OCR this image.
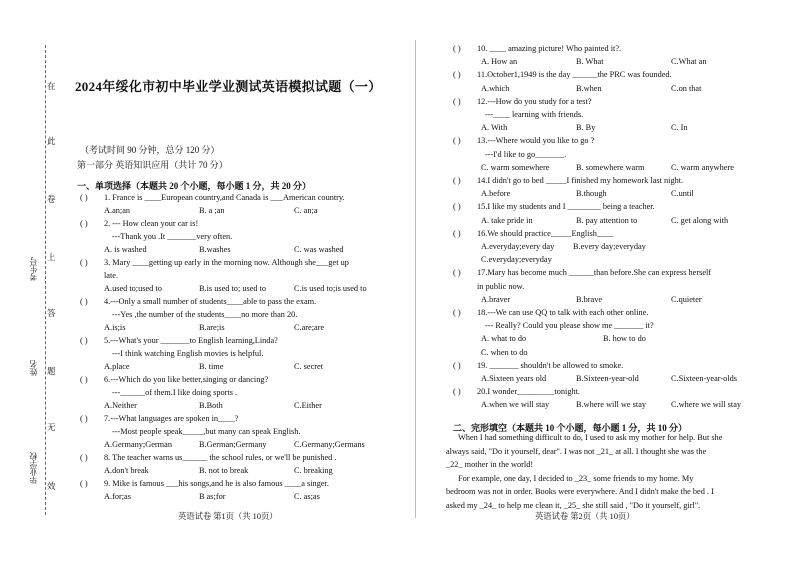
在
此
卷
上
答
题
无
效
考生号
姓名
毕业学校
2024年绥化市初中毕业学业测试英语模拟试题（一）
（考试时间 90 分钟，总分 120 分）
第一部分 英语知识应用（共计 70 分）
一、单项选择（本题共 20 个小题，每小题 1 分，共 20 分）
( ) 1. France is ____European country,and Canada is ___American country.
A.an;an	B. a ;an	C. an;a
( ) 2. --- How clean your car is!
---Thank you .It _______very often.
A. is washed	B.washes	C. was washed
( ) 3. Mary ____getting up early in the morning now. Although she___get up
late.
A.used to;used to	B.is used to; used to	C.is used to;is used to
( ) 4.---Only a small number of students____able to pass the exam.
---Yes ,the number of the students____no more than 20.
A.is;is	B.are;is	C.are;are
( ) 5.---What's your _______to English learning,Linda?
---I think watching English movies is helpful.
A.place	B. time	C. secret
( ) 6.---Which do you like better,singing or dancing?
---______of them.I like doing sports .
A.Neither	B.Both	C.Either
( ) 7.---What languages are spoken in____?
---Most people speak_____,but many can speak English.
A.Germany;German	B.German;Germany	C.Germany;Germans
( ) 8. The teacher warns us______ the school rules, or we'll be punished .
A.don't break	B. not to break	C. breaking
( ) 9. Mike is famous ___his songs,and he is also famous ____a singer.
A.for;as	B as;for	C. as;as
英语试卷 第1页（共 10页）
( ) 10. ____ amazing picture! Who painted it?.
A. How an	B. What	C.What an
( ) 11.October1,1949 is the day ______the PRC was founded.
A.which	B.when	C.on that
( ) 12.---How do you study for a test?
---____ learning with friends.
A. With	B. By	C. In
( ) 13.---Where would you like to go ?
---I'd like to go_______.
C. warm somewhere	B. somewhere warm	C. warm anywhere
( ) 14.I didn't go to bed _____I finished my homework last night.
A.before	B.though	C.until
( ) 15.I like my students and I ________ being a teacher.
A. take pride in	B. pay attention to	C. get along with
( ) 16.We should practice_____English____
A.everyday;every day B.every day;everyday
C.everyday;everyday
( ) 17.Mary has become much ______than before.She can express herself
in public now.
A.braver	B.brave	C.quieter
( ) 18.---We can use QQ to talk with each other online.
--- Really? Could you please show me _______ it?
A. what to do	B. how to do
C. when to do
( ) 19. _______ shouldn't be allowed to smoke.
A.Sixteen years old	B.Sixteen-year-old	C.Sixteen-year-olds
( ) 20.I wonder_________tonight.
A.when we will stay	B.where will we stay	C.where we will stay
二、完形填空（本题共 10 个小题，每小题 1 分，共 10 分）
When I had something difficult to do, I used to ask my mother for help. But she
always said, "Do it yourself, dear". I was not _21_ at all. I thought she was the
_22_ mother in the world!
For example, one day, I decided to _23_ some friends to my home. My
bedroom was not in order. Books were everywhere. And I didn't make the bed . I
asked my _24_ to help me clean it, _25_ she still said , "Do it yourself, girl".
英语试卷 第2页（共 10页）
